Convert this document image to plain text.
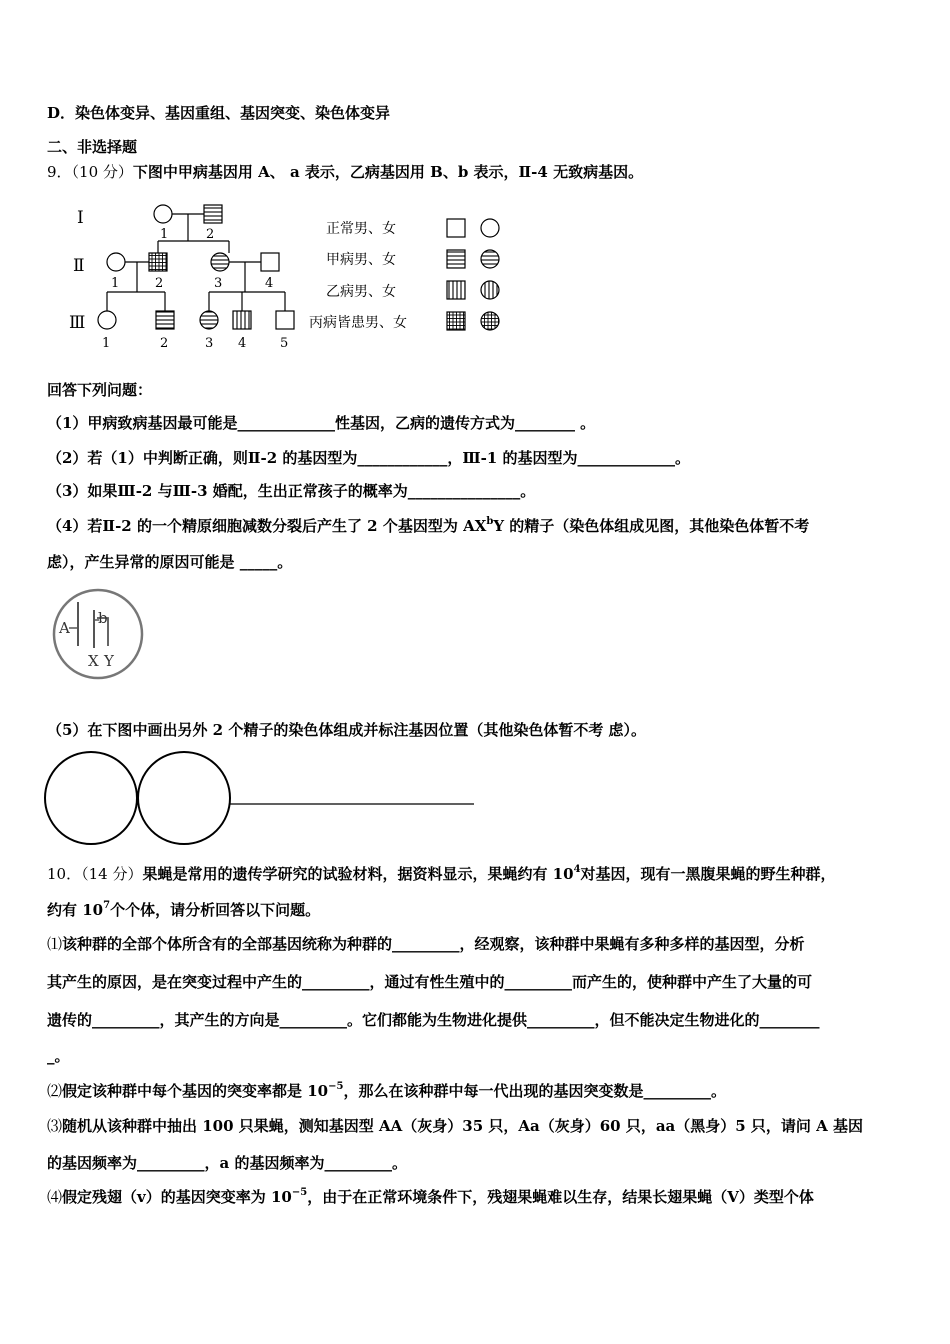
D．染色体变异、基因重组、基因突变、染色体变异
二、非选择题
9．（10 分）下图中甲病基因用 A、 a 表示，乙病基因用 B、b 表示，Ⅱ-4 无致病基因。
Ⅰ
Ⅱ
Ⅲ
1	2
1	2	3	4
1	2	3 4	5
正常男、女
甲病男、女
乙病男、女
丙病皆患男、女
回答下列问题：
（1）甲病致病基因最可能是_____________性基因，乙病的遗传方式为________ 。
（2）若（1）中判断正确，则Ⅱ-2 的基因型为____________，Ⅲ-1 的基因型为_____________。
（3）如果Ⅲ-2 与Ⅲ-3 婚配，生出正常孩子的概率为_______________。
（4）若Ⅱ-2 的一个精原细胞减数分裂后产生了 2 个基因型为 $AX^bY$ 的精子（染色体组成见图，其他染色体暂不考
虑），产生异常的原因可能是 _____。
A
b
X Y
（5）在下图中画出另外 2 个精子的染色体组成并标注基因位置（其他染色体暂不考 虑）。
10．（14 分）果蝇是常用的遗传学研究的试验材料，据资料显示，果蝇约有 $10^4$对基因，现有一黑腹果蝇的野生种群，
约有 $10^7$个个体，请分析回答以下问题。
⑴该种群的全部个体所含有的全部基因统称为种群的_________，经观察，该种群中果蝇有多种多样的基因型，分析
其产生的原因，是在突变过程中产生的_________，通过有性生殖中的_________而产生的，使种群中产生了大量的可
遗传的_________，其产生的方向是_________。它们都能为生物进化提供_________，但不能决定生物进化的________
_。
⑵假定该种群中每个基因的突变率都是 $10^{-5}$，那么在该种群中每一代出现的基因突变数是_________。
⑶随机从该种群中抽出 100 只果蝇，测知基因型 AA（灰身）35 只，Aa（灰身）60 只，aa（黑身）5 只，请问 A 基因
的基因频率为_________，a 的基因频率为_________。
⑷假定残翅（v）的基因突变率为 $10^{-5}$，由于在正常环境条件下，残翅果蝇难以生存，结果长翅果蝇（V）类型个体
